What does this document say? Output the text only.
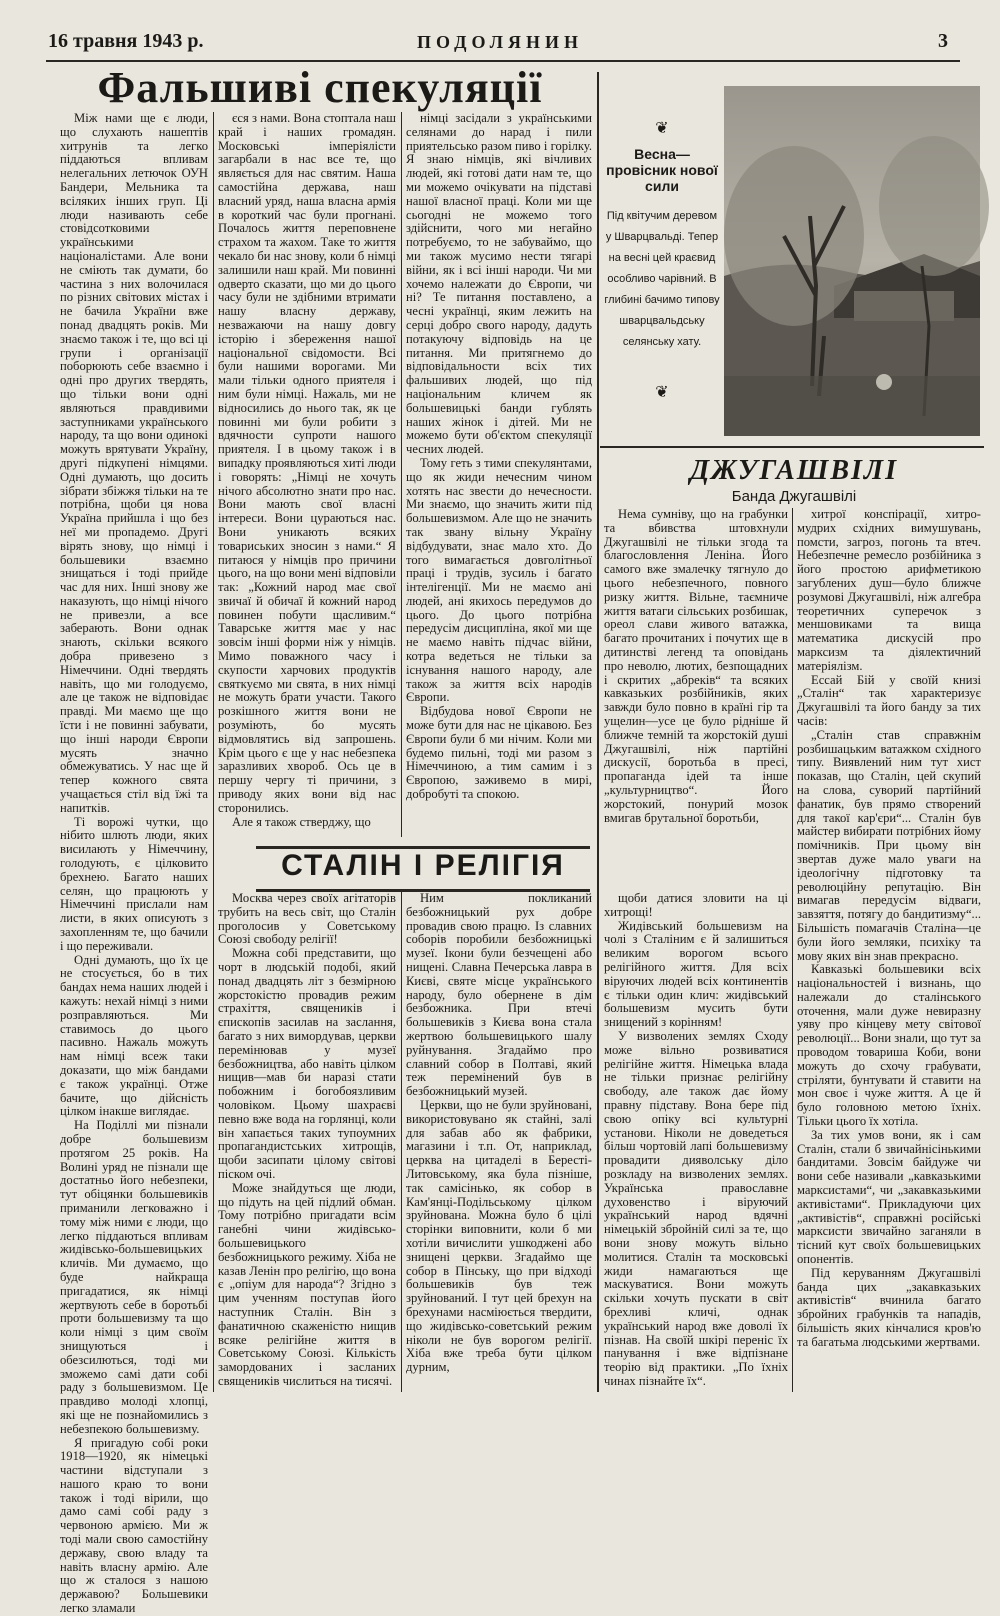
16 травня 1943 р.	ПОДОЛЯНИН	3
Фальшиві спекуляції

Між нами ще є люди, що слухають нашептів хитрунів та легко піддаються впливам нелегальних летючок ОУН Бандери, Мельника та всіляких інших груп. Ці люди називають себе стовідсотковими українськими націоналістами. Але вони не сміють так думати, бо частина з них волочилася по різних світових містах і не бачила України вже понад двадцять років. Ми знаємо також і те, що всі ці групи і організації поборюють себе взаємно і одні про других твердять, що тільки вони одні являються правдивими заступниками українського народу, та що вони одинокі можуть врятувати Україну, другі підкупені німцями. Одні думають, що досить зібрати збіжжя тільки на те потрібна, щоби ця нова Україна прийшла і що без неї ми пропадемо. Другі вірять знову, що німці і большевики взаємно знищаться і тоді прийде час для них. Інші знову же наказують, що німці нічого не привезли, а все заберають. Вони однак знають, скільки всякого добра привезено з Німеччини. Одні твердять навіть, що ми голодуємо, але це також не відповідає правді. Ми маємо ще що їсти і не повинні забувати, що інші народи Європи мусять значно обмежуватись. У нас ще й тепер кожного свята учащається стіл від їжі та напитків.

Ті ворожі чутки, що нібито шлють люди, яких висилають у Німеччину, голодують, є цілковито брехнею. Багато наших селян, що працюють у Німеччині прислали нам листи, в яких описують з захопленням те, що бачили і що переживали.

Одні думають, що їх це не стосується, бо в тих бандах нема наших людей і кажуть: нехай німці з ними розправляються. Ми ставимось до цього пасивно. Нажаль можуть нам німці всеж таки доказати, що між бандами є також українці. Отже бачите, що дійсність цілком інакше виглядає.

На Поділлі ми пізнали добре большевизм протягом 25 років. На Волині уряд не пізнали ще достатньо його небезпеки, тут обіцянки большевиків приманили легковажно і тому між ними є люди, що легко піддаються впливам жидівсько-большевицьких кличів. Ми думаємо, що буде найкраща пригадатися, як німці жертвують себе в боротьбі проти большевизму та що коли німці з цим своїм знищуються і обезсилються, тоді ми зможемо самі дати собі раду з большевизмом. Це правдиво молоді хлопці, які ще не познайомились з небезпекою большевизму.

Я пригадую собі роки 1918—1920, як німецькі частини відступали з нашого краю то вони також і тоді вірили, що дамо самі собі раду з червоною армією. Ми ж тоді мали свою самостійну державу, свою владу та навіть власну армію. Але що ж сталося з нашою державою? Большевики легко зламали

єся з нами. Вона стоптала наш край і наших громадян. Московські імперіялісти загарбали в нас все те, що являється для нас святим. Наша самостійна держава, наш власний уряд, наша власна армія в короткий час були прогнані. Почалось життя переповнене страхом та жахом. Таке то життя чекало би нас знову, коли б німці залишили наш край. Ми повинні одверто сказати, що ми до цього часу були не здібними втримати нашу власну державу, незважаючи на нашу довгу історію і збереження нашої національної свідомости. Всі були нашими ворогами. Ми мали тільки одного приятеля і ним були німці. Нажаль, ми не відносились до нього так, як це повинні ми були робити з вдячности супроти нашого приятеля. І в цьому також і в випадку проявляються хиті люди і говорять: „Німці не хочуть нічого абсолютно знати про нас. Вони мають свої власні інтереси. Вони цураються нас. Вони уникають всяких товариських зносин з нами.“ Я питаюся у німців про причини цього, на що вони мені відповіли так: „Кожний народ має свої звичаї й обичаї й кожний народ повинен побути щасливим.“ Таварське життя має у нас зовсім інші форми ніж у німців. Мимо поважного часу і скупости харчових продуктів святкуємо ми свята, в них німці не можуть брати участи. Такого розкішного життя вони не розуміють, бо мусять відмовлятись від запрошень. Крім цього є ще у нас небезпека заразливих хвороб. Ось це в першу чергу ті причини, з приводу яких вони від нас сторонились.

Але я також стверджу, що

німці засідали з українськими селянами до нарад і пили приятельсько разом пиво і горілку. Я знаю німців, які вічливих людей, які готові дати нам те, що ми можемо очікувати на підставі нашої власної праці. Коли ми ще сьогодні не можемо того здійснити, чого ми негайно потребуємо, то не забуваймо, що ми також мусимо нести тягарі війни, як і всі інші народи. Чи ми хочемо належати до Європи, чи ні? Те питання поставлено, а чесні українці, яким лежить на серці добро свого народу, дадуть потакуючу відповідь на це питання. Ми притягнемо до відповідальности всіх тих фальшивих людей, що під національним кличем як большевицькі банди гублять наших жінок і дітей. Ми не можемо бути об'єктом спекуляції чесних людей.

Тому геть з тими спекулянтами, що як жиди нечесним чином хотять нас звести до нечесности. Ми знаємо, що значить жити під большевизмом. Але що не значить так звану вільну Україну відбудувати, знає мало хто. До того вимагається довголітньої праці і трудів, зусиль і багато інтелігенції. Ми не маємо ані людей, ані якихось передумов до цього. До цього потрібна передусім дисципліна, якої ми ще не маємо навіть підчас війни, котра ведеться не тільки за існування нашого народу, але також за життя всіх народів Європи.

Відбудова нової Європи не може бути для нас не цікавою. Без Європи були б ми нічим. Коли ми будемо пильні, тоді ми разом з Німеччиною, а тим самим і з Європою, заживемо в мирі, добробуті та спокою.

❦
Весна— провісник нової сили
Під квітучим деревом у Шварцвальді. Тепер на весні цей краєвид особливо чарівний. В глибині бачимо типову шварцвальдську селянську хату.
❦
ДЖУГАШВІЛІ
Банда Джугашвілі

Нема сумніву, що на грабунки та вбивства штовхнули Джугашвілі не тільки згода та благословлення Леніна. Його самого вже змалечку тягнуло до цього небезпечного, повного ризку життя. Вільне, таємниче життя ватаги сільських розбишак, ореол слави живого ватажка, багато прочитаних і почутих ще в дитинстві легенд та оповідань про неволю, лютих, безпощадних і скритих „абреків“ та всяких кавказьких розбійників, яких завжди було повно в країні гір та ущелин—усе це було рідніше й ближче темній та жорстокій душі Джугашвілі, ніж партійні дискусії, боротьба в пресі, пропаганда ідей та інше „культурництво“. Його жорстокий, понурий мозок вмигав брутальної боротьби,

хитрої конспірації, хитро-мудрих східних вимушувань, помсти, загроз, погонь та втеч. Небезпечне ремесло розбійника з його простою арифметикою загублених душ—було ближче розумові Джугашвілі, ніж алгебра теоретичних суперечок з меншовиками та вища математика дискусій про марксизм та діялектичний матеріялізм.

Ессай Бій у своїй книзі „Сталін“ так характеризує Джугашвілі та його банду за тих часів:

„Сталін став справжнім розбишацьким ватажком східного типу. Виявлений ним тут хист показав, що Сталін, цей скупий на слова, суворий партійний фанатик, був прямо створений для такої кар'єри“... Сталін був майстер вибирати потрібних йому помічників. При цьому він звертав дуже мало уваги на ідеологічну підготовку та революційну репутацію. Він вимагав передусім відваги, завзяття, потягу до бандитизму“... Більшість помагачів Сталіна—це були його земляки, психіку та мову яких він знав прекрасно.

Кавказькі большевики всіх національностей і визнань, що належали до сталінського оточення, мали дуже невиразну уяву про кінцеву мету світової революції... Вони знали, що тут за проводом товариша Коби, вони можуть до схочу грабувати, стріляти, бунтувати й ставити на мон своє і чуже життя. А це й було головною метою їхніх. Тільки цього їх хотіла.

За тих умов вони, як і сам Сталін, стали б звичайнісінькими бандитами. Зовсім байдуже чи вони себе називали „кавказькими марксистами“, чи „закавказькими активістами“. Прикладуючи цих „активістів“, справжні російські марксисти звичайно заганяли в тісний кут своїх большевицьких опонентів.

Під керуванням Джугашвілі банда цих „закавказьких активістів“ вчинила багато збройних грабунків та нападів, більшість яких кінчалися кров'ю та багатьма людськими жертвами.

СТАЛІН І РЕЛІГІЯ

Москва через своїх агітаторів трубить на весь світ, що Сталін проголосив у Советському Союзі свободу релігії!

Можна собі представити, що чорт в людській подобі, який понад двадцять літ з безмірною жорстокістю провадив режим страхіття, священиків і єпископів засилав на заслання, багато з них вимордував, церкви перемінював у музеї безбожництва, або навіть цілком нищив—мав би наразі стати побожним і богобоязливим чоловіком. Цьому шахраєві певно вже вода на горлянці, коли він хапається таких тупоумних пропагандистських хитрощів, щоби засипати цілому світові піском очі.

Може знайдуться ще люди, що підуть на цей підлий обман. Тому потрібно пригадати всім ганебні чини жидівсько-большевицького безбожницького режиму. Хіба не казав Ленін про релігію, що вона є „опіум для народа“? Згідно з цим ученням поступав його наступник Сталін. Він з фанатичною скаженістю нищив всяке релігійне життя в Советському Союзі. Кількість замордованих і засланих священиків числиться на тисячі.

Ним покликаний безбожницький рух добре провадив свою працю. Із славних соборів поробили безбожницькі музеї. Ікони були безчещені або нищені. Славна Печерська лавра в Києві, святе місце українського народу, було обернене в дім безбожника. При втечі большевиків з Києва вона стала жертвою большевицького шалу руйнування. Згадаймо про славний собор в Полтаві, який теж перемінений був в безбожницький музей.

Церкви, що не були зруйновані, використовувано як стайні, залі для забав або як фабрики, магазини і т.п. От, наприклад, церква на цитаделі в Бересті-Литовському, яка була пізніше, так самісінько, як собор в Кам'янці-Подільському цілком зруйнована. Можна було б цілі сторінки виповнити, коли б ми хотіли вичислити ушкоджені або знищені церкви. Згадаймо ще собор в Пінську, що при відході большевиків був теж зруйнований. І тут цей брехун на брехунами насміюється твердити, що жидівсько-советський режим ніколи не був ворогом релігії. Хіба вже треба бути цілком дурним,

щоби датися зловити на ці хитрощі!

Жидівський большевизм на чолі з Сталіним є й залишиться великим ворогом всього релігійного життя. Для всіх віруючих людей всіх континентів є тільки один клич: жидівський большевизм мусить бути знищений з корінням!

У визволених землях Сходу може вільно розвиватися релігійне життя. Німецька влада не тільки признає релігійну свободу, але також дає йому правну підставу. Вона бере під свою опіку всі культурні установи. Ніколи не доведеться більш чортовій лапі большевизму провадити дияволську діло розкладу на визволених землях. Українська православне духовенство і віруючий український народ вдячні німецькій збройній силі за те, що вони знову можуть вільно молитися. Сталін та московські жиди намагаються ще маскуватися. Вони можуть скільки хочуть пускати в світ брехливі кличі, однак український народ вже доволі їх пізнав. На своїй шкірі переніс їх панування і вже відпізнане теорію від практики. „По їхніх чинах пізнайте їх“.
